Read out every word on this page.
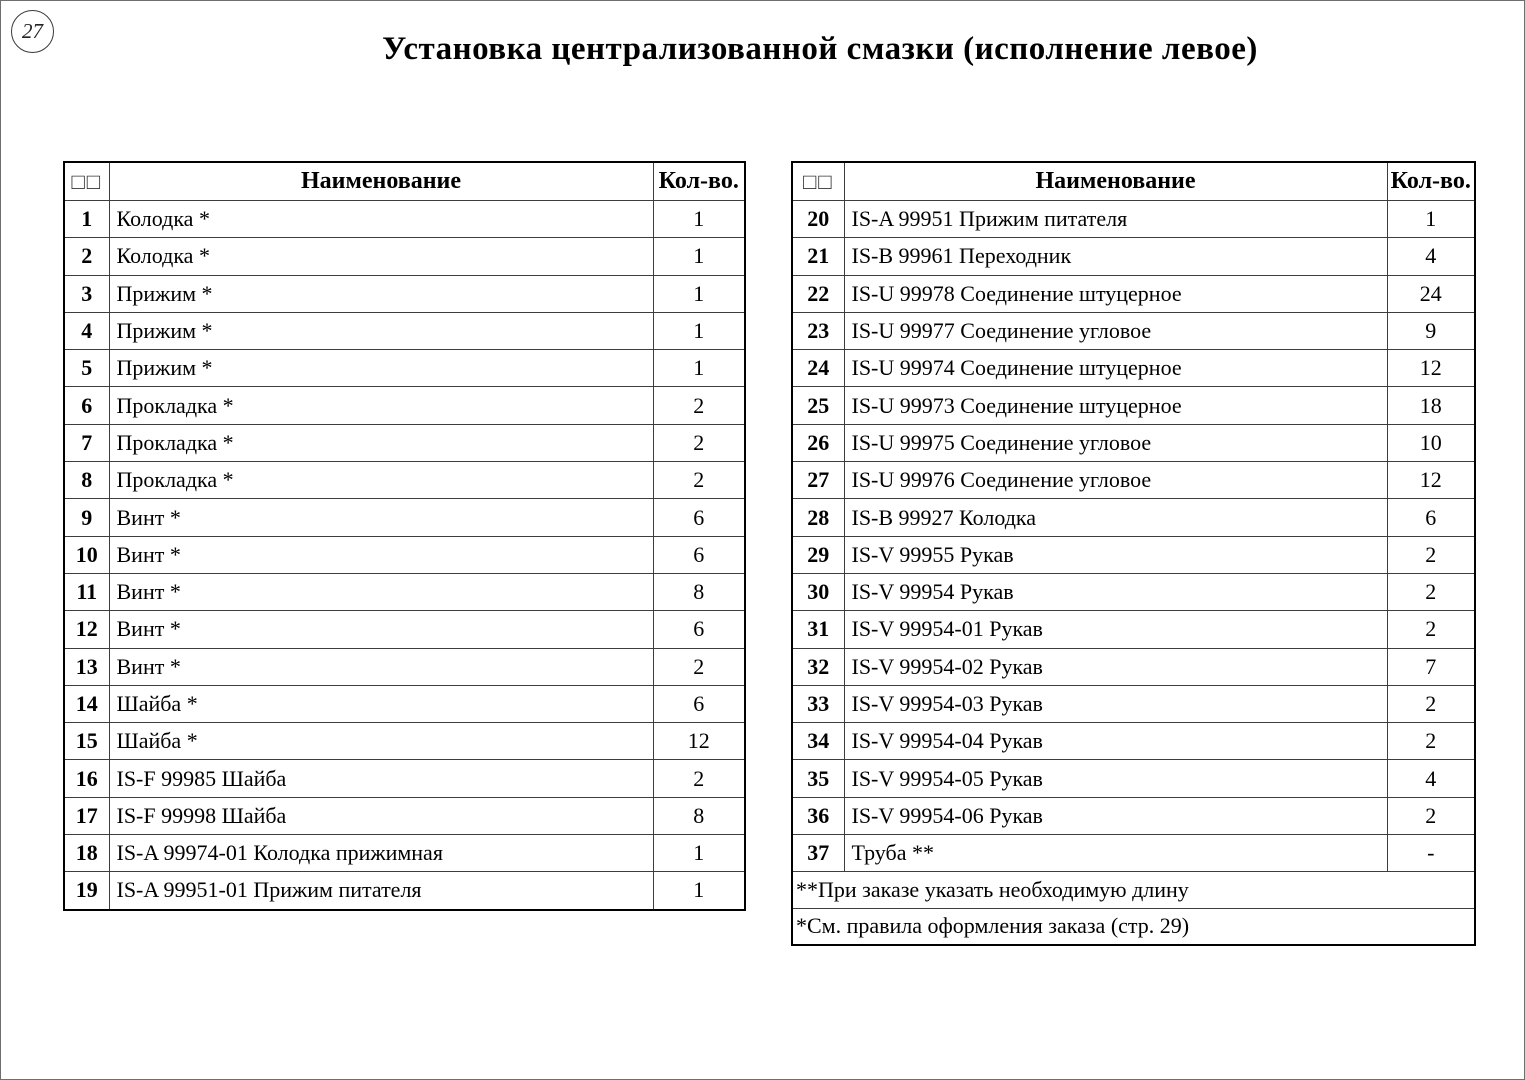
27	Установка централизованной смазки (исполнение левое)
□□	Наименование	Кол-во.
1	Колодка *	1
2	Колодка *	1
3	Прижим *	1
4	Прижим *	1
5	Прижим *	1
6	Прокладка *	2
7	Прокладка *	2
8	Прокладка *	2
9	Винт *	6
10	Винт *	6
11	Винт *	8
12	Винт *	6
13	Винт *	2
14	Шайба *	6
15	Шайба *	12
16	IS-F 99985 Шайба	2
17	IS-F 99998 Шайба	8
18	IS-A 99974-01 Колодка прижимная	1
19	IS-A 99951-01 Прижим питателя	1
□□	Наименование	Кол-во.
20	IS-A 99951 Прижим питателя	1
21	IS-B 99961 Переходник	4
22	IS-U 99978 Соединение штуцерное	24
23	IS-U 99977 Соединение угловое	9
24	IS-U 99974 Соединение штуцерное	12
25	IS-U 99973 Соединение штуцерное	18
26	IS-U 99975 Соединение угловое	10
27	IS-U 99976 Соединение угловое	12
28	IS-B 99927 Колодка	6
29	IS-V 99955 Рукав	2
30	IS-V 99954 Рукав	2
31	IS-V 99954-01 Рукав	2
32	IS-V 99954-02 Рукав	7
33	IS-V 99954-03 Рукав	2
34	IS-V 99954-04 Рукав	2
35	IS-V 99954-05 Рукав	4
36	IS-V 99954-06 Рукав	2
37	Труба **	-
**При заказе указать необходимую длину		
*См. правила оформления заказа (стр. 29)		
